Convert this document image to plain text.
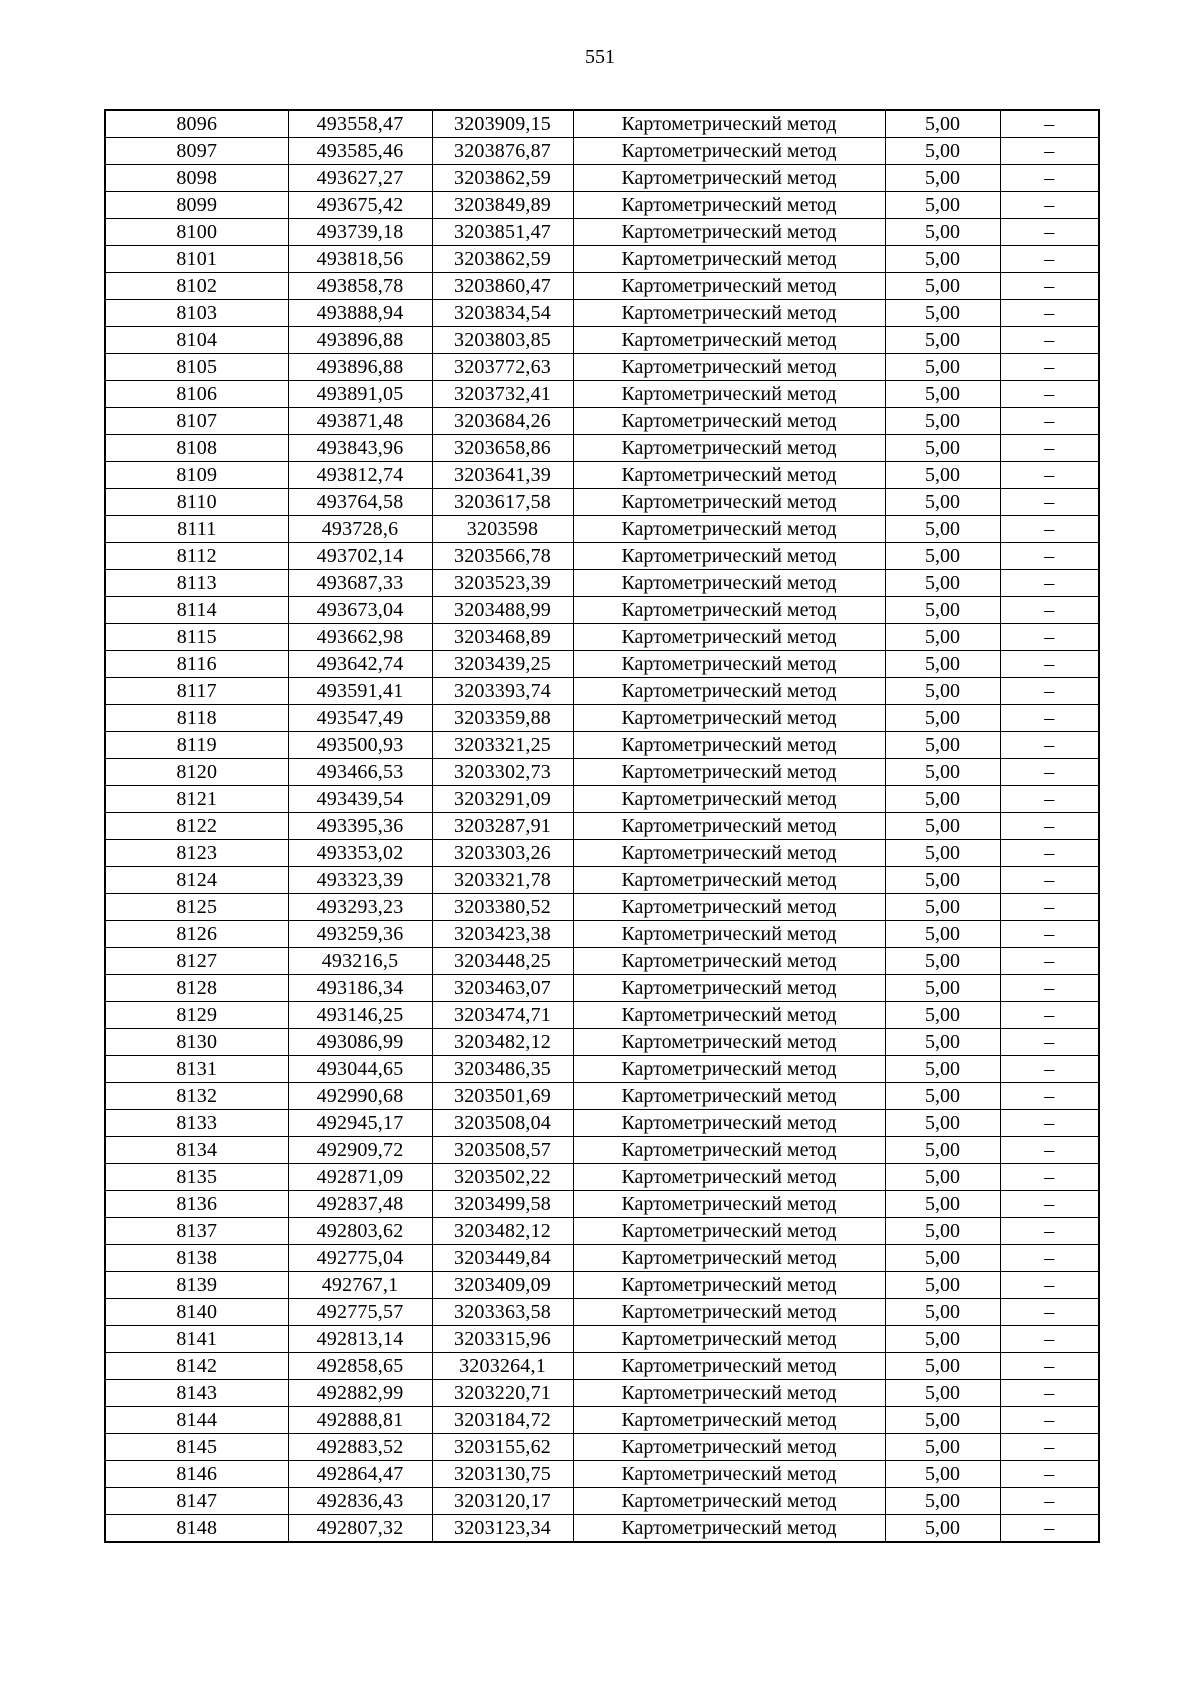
551
8096	493558,47	3203909,15	Картометрический метод	5,00	–
8097	493585,46	3203876,87	Картометрический метод	5,00	–
8098	493627,27	3203862,59	Картометрический метод	5,00	–
8099	493675,42	3203849,89	Картометрический метод	5,00	–
8100	493739,18	3203851,47	Картометрический метод	5,00	–
8101	493818,56	3203862,59	Картометрический метод	5,00	–
8102	493858,78	3203860,47	Картометрический метод	5,00	–
8103	493888,94	3203834,54	Картометрический метод	5,00	–
8104	493896,88	3203803,85	Картометрический метод	5,00	–
8105	493896,88	3203772,63	Картометрический метод	5,00	–
8106	493891,05	3203732,41	Картометрический метод	5,00	–
8107	493871,48	3203684,26	Картометрический метод	5,00	–
8108	493843,96	3203658,86	Картометрический метод	5,00	–
8109	493812,74	3203641,39	Картометрический метод	5,00	–
8110	493764,58	3203617,58	Картометрический метод	5,00	–
8111	493728,6	3203598	Картометрический метод	5,00	–
8112	493702,14	3203566,78	Картометрический метод	5,00	–
8113	493687,33	3203523,39	Картометрический метод	5,00	–
8114	493673,04	3203488,99	Картометрический метод	5,00	–
8115	493662,98	3203468,89	Картометрический метод	5,00	–
8116	493642,74	3203439,25	Картометрический метод	5,00	–
8117	493591,41	3203393,74	Картометрический метод	5,00	–
8118	493547,49	3203359,88	Картометрический метод	5,00	–
8119	493500,93	3203321,25	Картометрический метод	5,00	–
8120	493466,53	3203302,73	Картометрический метод	5,00	–
8121	493439,54	3203291,09	Картометрический метод	5,00	–
8122	493395,36	3203287,91	Картометрический метод	5,00	–
8123	493353,02	3203303,26	Картометрический метод	5,00	–
8124	493323,39	3203321,78	Картометрический метод	5,00	–
8125	493293,23	3203380,52	Картометрический метод	5,00	–
8126	493259,36	3203423,38	Картометрический метод	5,00	–
8127	493216,5	3203448,25	Картометрический метод	5,00	–
8128	493186,34	3203463,07	Картометрический метод	5,00	–
8129	493146,25	3203474,71	Картометрический метод	5,00	–
8130	493086,99	3203482,12	Картометрический метод	5,00	–
8131	493044,65	3203486,35	Картометрический метод	5,00	–
8132	492990,68	3203501,69	Картометрический метод	5,00	–
8133	492945,17	3203508,04	Картометрический метод	5,00	–
8134	492909,72	3203508,57	Картометрический метод	5,00	–
8135	492871,09	3203502,22	Картометрический метод	5,00	–
8136	492837,48	3203499,58	Картометрический метод	5,00	–
8137	492803,62	3203482,12	Картометрический метод	5,00	–
8138	492775,04	3203449,84	Картометрический метод	5,00	–
8139	492767,1	3203409,09	Картометрический метод	5,00	–
8140	492775,57	3203363,58	Картометрический метод	5,00	–
8141	492813,14	3203315,96	Картометрический метод	5,00	–
8142	492858,65	3203264,1	Картометрический метод	5,00	–
8143	492882,99	3203220,71	Картометрический метод	5,00	–
8144	492888,81	3203184,72	Картометрический метод	5,00	–
8145	492883,52	3203155,62	Картометрический метод	5,00	–
8146	492864,47	3203130,75	Картометрический метод	5,00	–
8147	492836,43	3203120,17	Картометрический метод	5,00	–
8148	492807,32	3203123,34	Картометрический метод	5,00	–
